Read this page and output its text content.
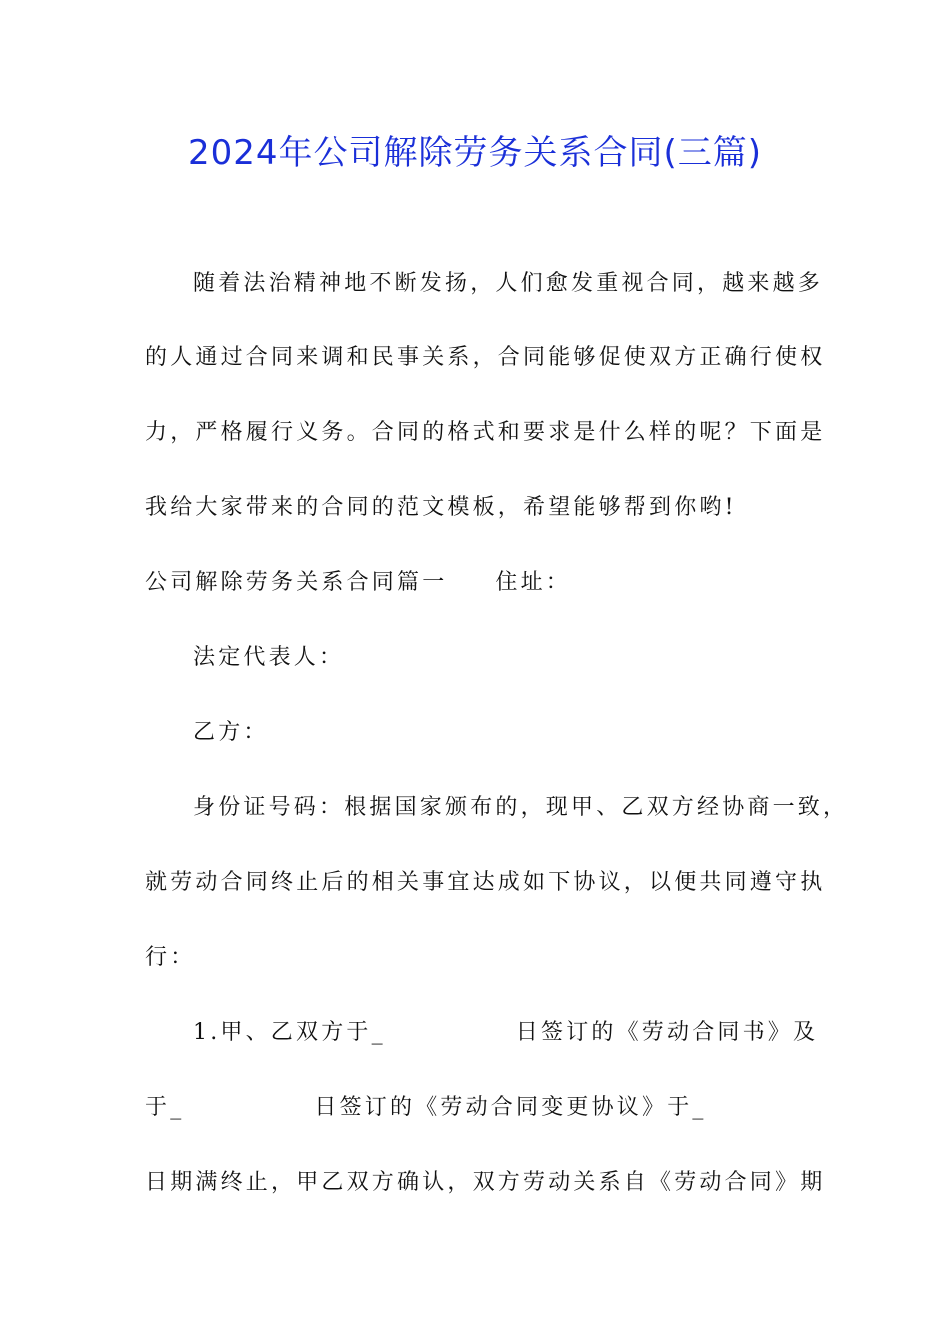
2024年公司解除劳务关系合同(三篇)
随着法治精神地不断发扬，人们愈发重视合同，越来越多
的人通过合同来调和民事关系，合同能够促使双方正确行使权
力，严格履行义务。合同的格式和要求是什么样的呢？下面是
我给大家带来的合同的范文模板，希望能够帮到你哟!
公司解除劳务关系合同篇一 住址：
法定代表人：
乙方：
身份证号码：根据国家颁布的，现甲、乙双方经协商一致，
就劳动合同终止后的相关事宜达成如下协议，以便共同遵守执
行：
1.甲、乙双方于_	日签订的《劳动合同书》及
于_	日签订的《劳动合同变更协议》于_
日期满终止，甲乙双方确认，双方劳动关系自《劳动合同》期
